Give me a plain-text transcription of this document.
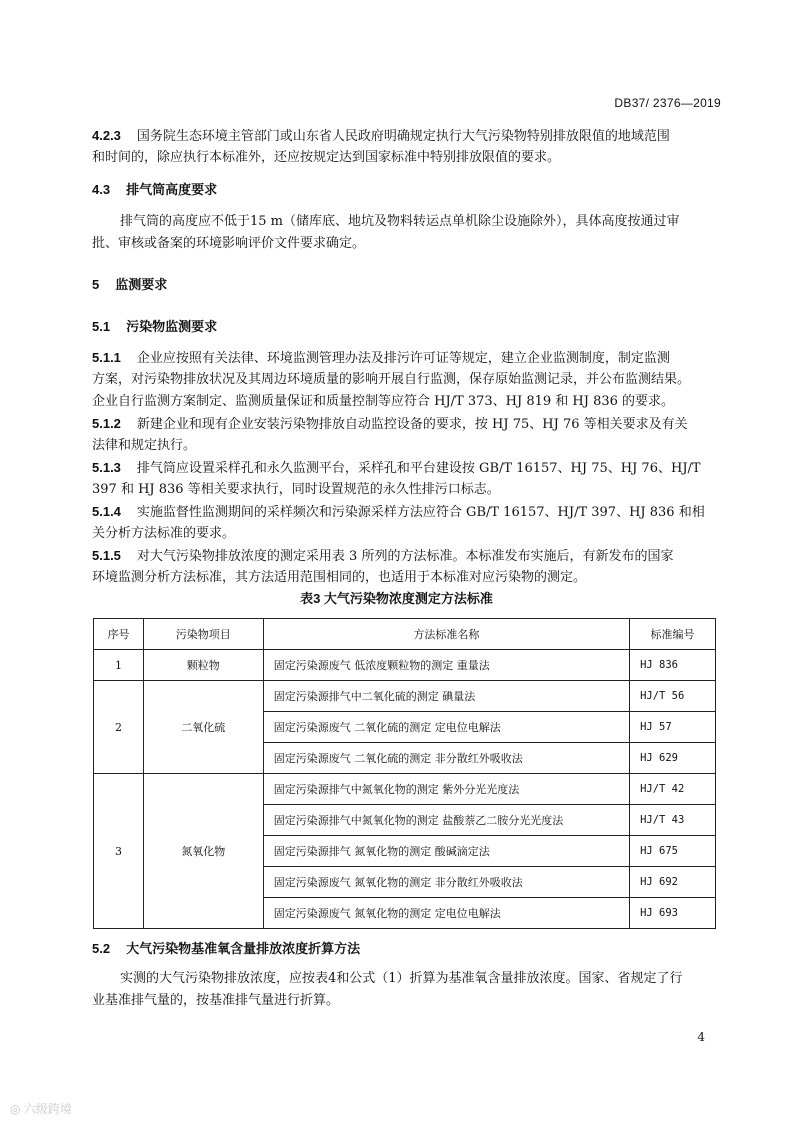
DB37/ 2376—2019
4.2.3 国务院生态环境主管部门或山东省人民政府明确规定执行大气污染物特别排放限值的地域范围
和时间的，除应执行本标准外，还应按规定达到国家标准中特别排放限值的要求。
4.3 排气筒高度要求
排气筒的高度应不低于15 m（储库底、地坑及物料转运点单机除尘设施除外），具体高度按通过审
批、审核或备案的环境影响评价文件要求确定。
5 监测要求
5.1 污染物监测要求
5.1.1 企业应按照有关法律、环境监测管理办法及排污许可证等规定，建立企业监测制度，制定监测
方案，对污染物排放状况及其周边环境质量的影响开展自行监测，保存原始监测记录，并公布监测结果。
企业自行监测方案制定、监测质量保证和质量控制等应符合 HJ/T 373、HJ 819 和 HJ 836 的要求。
5.1.2 新建企业和现有企业安装污染物排放自动监控设备的要求，按 HJ 75、HJ 76 等相关要求及有关
法律和规定执行。
5.1.3 排气筒应设置采样孔和永久监测平台，采样孔和平台建设按 GB/T 16157、HJ 75、HJ 76、HJ/T
397 和 HJ 836 等相关要求执行，同时设置规范的永久性排污口标志。
5.1.4 实施监督性监测期间的采样频次和污染源采样方法应符合 GB/T 16157、HJ/T 397、HJ 836 和相
关分析方法标准的要求。
5.1.5 对大气污染物排放浓度的测定采用表 3 所列的方法标准。本标准发布实施后，有新发布的国家
环境监测分析方法标准，其方法适用范围相同的，也适用于本标准对应污染物的测定。
表3 大气污染物浓度测定方法标准
序号	污染物项目	方法标准名称	标准编号
1	颗粒物	固定污染源废气 低浓度颗粒物的测定 重量法	HJ 836
2	二氧化硫	固定污染源排气中二氧化硫的测定 碘量法	HJ/T 56
		固定污染源废气 二氧化硫的测定 定电位电解法	HJ 57
		固定污染源废气 二氧化硫的测定 非分散红外吸收法	HJ 629
3	氮氧化物	固定污染源排气中氮氧化物的测定 紫外分光光度法	HJ/T 42
		固定污染源排气中氮氧化物的测定 盐酸萘乙二胺分光光度法	HJ/T 43
		固定污染源排气 氮氧化物的测定 酸碱滴定法	HJ 675
		固定污染源废气 氮氧化物的测定 非分散红外吸收法	HJ 692
		固定污染源废气 氮氧化物的测定 定电位电解法	HJ 693
5.2 大气污染物基准氧含量排放浓度折算方法
实测的大气污染物排放浓度，应按表4和公式（1）折算为基准氧含量排放浓度。国家、省规定了行
业基准排气量的，按基准排气量进行折算。
4
◎ 六级跨境
